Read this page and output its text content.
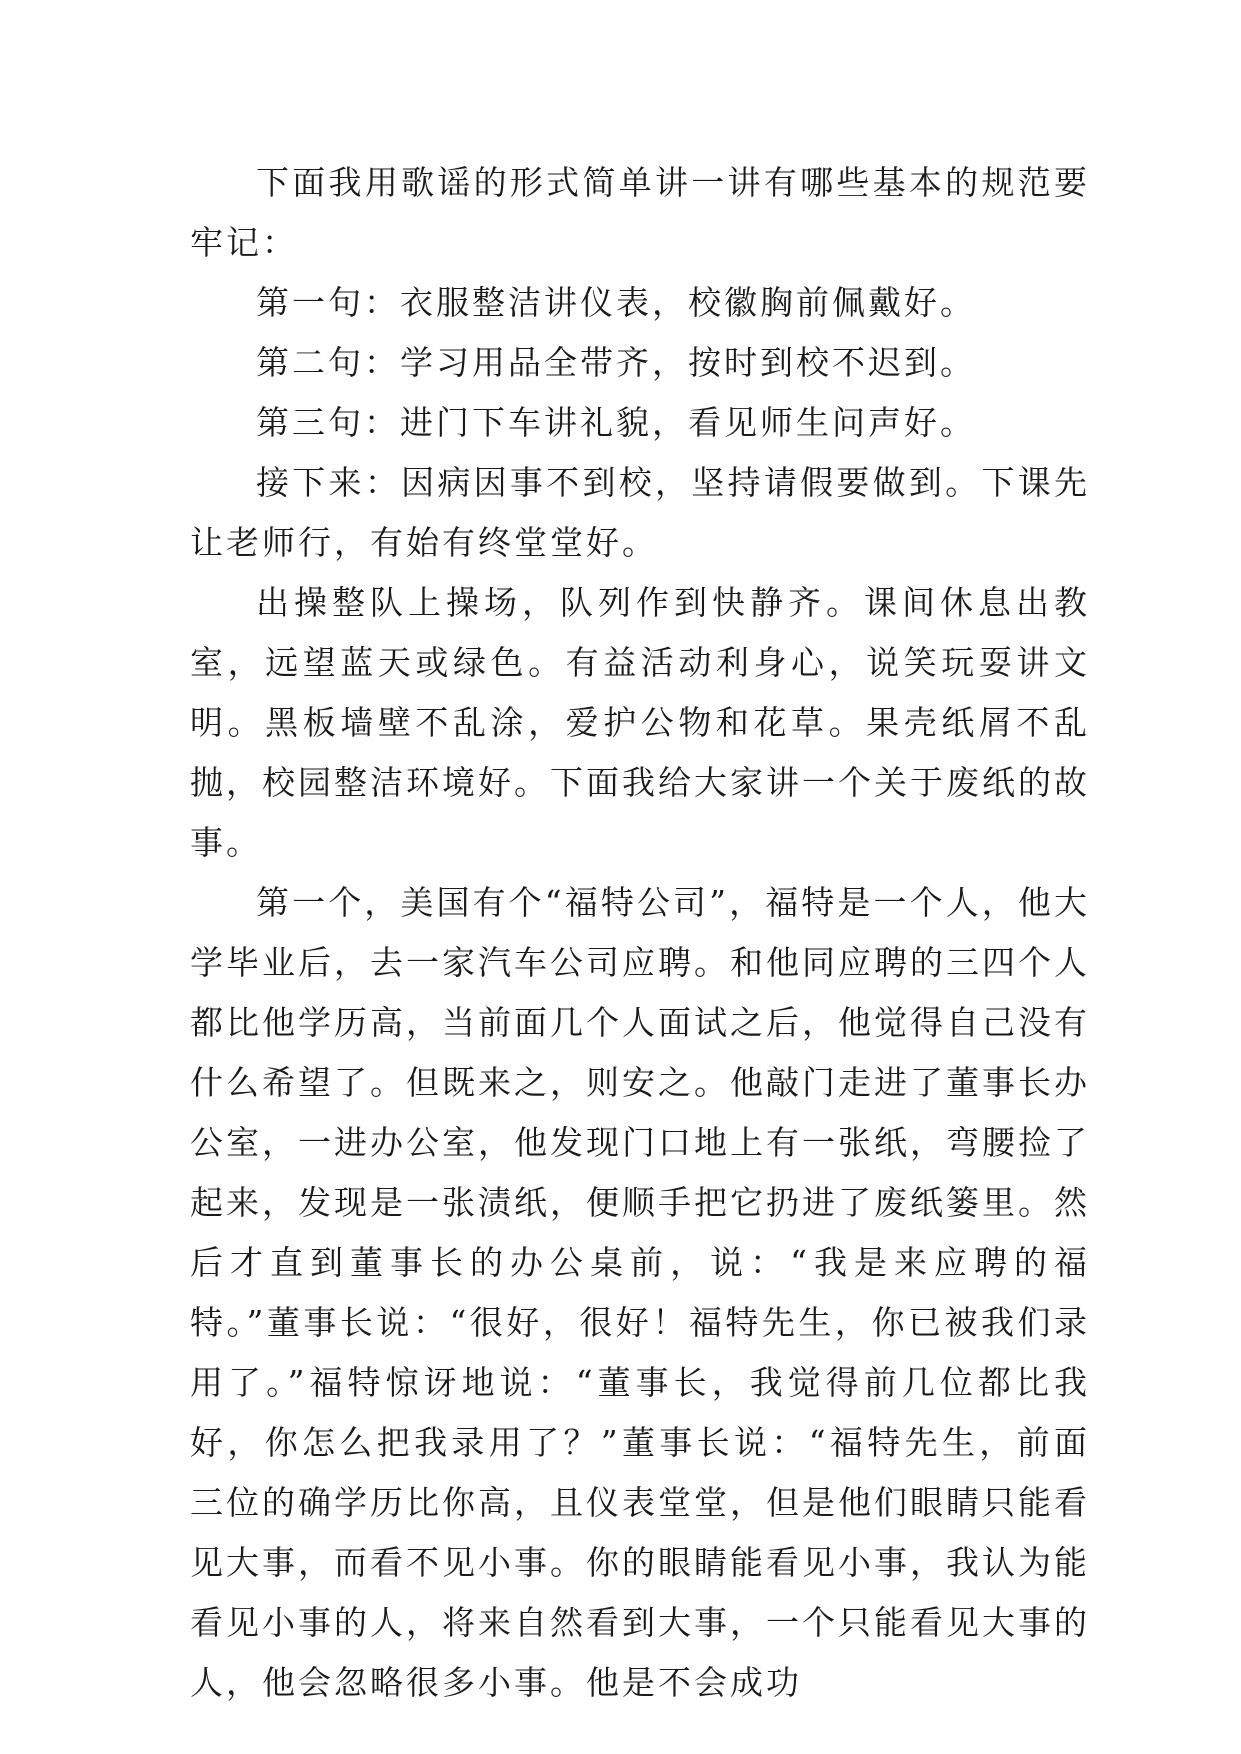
下面我用歌谣的形式简单讲一讲有哪些基本的规范要牢记：

第一句：衣服整洁讲仪表，校徽胸前佩戴好。

第二句：学习用品全带齐，按时到校不迟到。

第三句：进门下车讲礼貌，看见师生问声好。

接下来：因病因事不到校，坚持请假要做到。下课先让老师行，有始有终堂堂好。

出操整队上操场，队列作到快静齐。课间休息出教室，远望蓝天或绿色。有益活动利身心，说笑玩耍讲文明。黑板墙壁不乱涂，爱护公物和花草。果壳纸屑不乱抛，校园整洁环境好。下面我给大家讲一个关于废纸的故事。

第一个，美国有个“福特公司”，福特是一个人，他大学毕业后，去一家汽车公司应聘。和他同应聘的三四个人都比他学历高，当前面几个人面试之后，他觉得自己没有什么希望了。但既来之，则安之。他敲门走进了董事长办公室，一进办公室，他发现门口地上有一张纸，弯腰捡了起来，发现是一张渍纸，便顺手把它扔进了废纸篓里。然后才直到董事长的办公桌前，说：“我是来应聘的福特。”董事长说：“很好，很好！福特先生，你已被我们录用了。”福特惊讶地说：“董事长，我觉得前几位都比我好，你怎么把我录用了？”董事长说：“福特先生，前面三位的确学历比你高，且仪表堂堂，但是他们眼睛只能看见大事，而看不见小事。你的眼睛能看见小事，我认为能看见小事的人，将来自然看到大事，一个只能看见大事的人，他会忽略很多小事。他是不会成功
